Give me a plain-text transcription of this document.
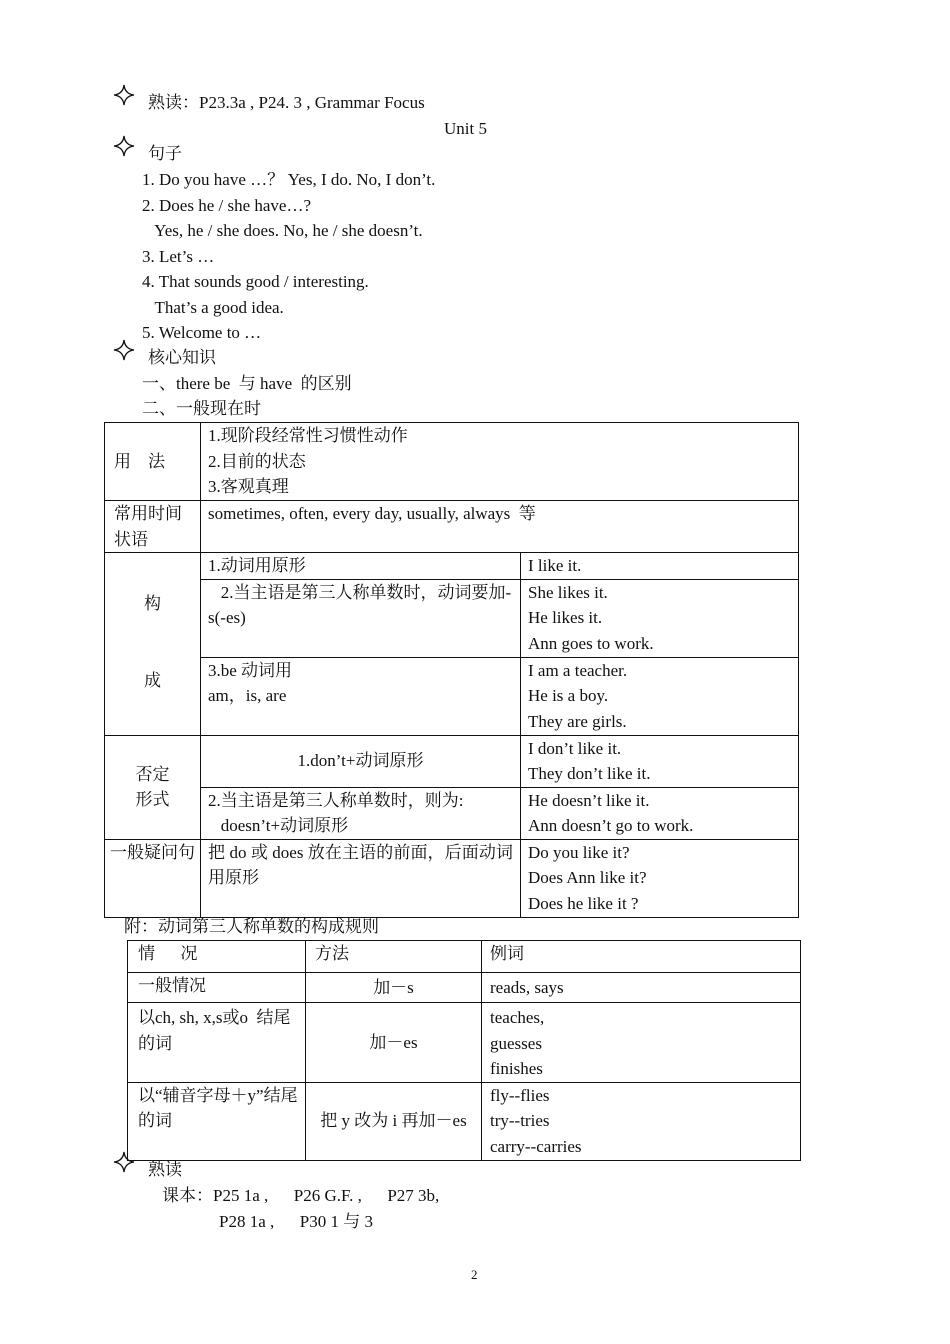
熟读：P23.3a , P24. 3 , Grammar Focus
Unit 5
句子
1. Do you have …？ Yes, I do. No, I don’t.
2. Does he / she have…?
Yes, he / she does. No, he / she doesn’t.
3. Let’s …
4. That sounds good / interesting.
That’s a good idea.
5. Welcome to …
核心知识
一、there be  与 have  的区别
二、一般现在时
用    法	1.现阶段经常性习惯性动作
2.目前的状态
3.客观真理	

常用时间状语	sometimes, often, every day, usually, always  等	

构
成	1.动词用原形	I like it.

	2.当主语是第三人称单数时，动词要加-s(-es)	She likes it.
He likes it.
Ann goes to work.

	3.be 动词用
am，is, are	I am a teacher.
He is a boy.
They are girls.

否定
形式	1.don’t+动词原形	I don’t like it.
They don’t like it.

	2.当主语是第三人称单数时，则为:
doesn’t+动词原形	He doesn’t like it.
Ann doesn’t go to work.

一般疑问句	把 do 或 does 放在主语的前面，后面动词用原形	Do you like it?
Does Ann like it?
Does he like it ?
附：动词第三人称单数的构成规则
情      况	方法	例词
一般情况	加－s	reads, says

以ch, sh, x,s或o  结尾的词	加－es	teaches,
guesses
finishes

以“辅音字母＋y”结尾的词	把 y 改为 i 再加－es	fly--flies
try--tries
carry--carries
熟读
课本：P25 1a ,      P26 G.F. ,      P27 3b,
P28 1a ,      P30 1 与 3
2
